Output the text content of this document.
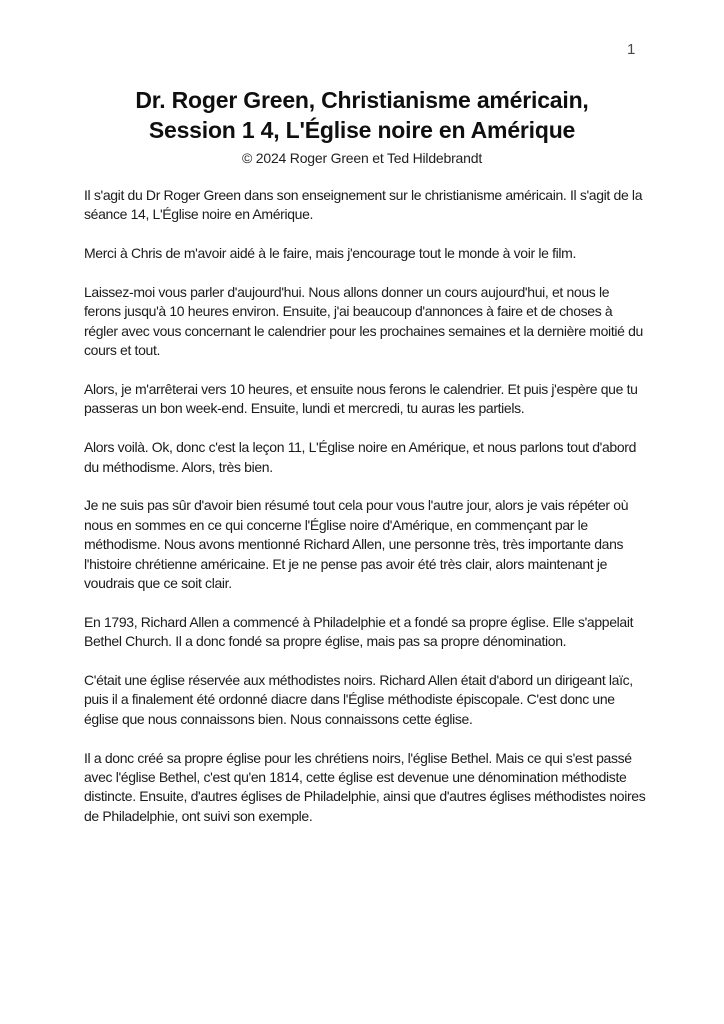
1
Dr. Roger Green, Christianisme américain,
Session 1 4, L'Église noire en Amérique
© 2024 Roger Green et Ted Hildebrandt

Il s'agit du Dr Roger Green dans son enseignement sur le christianisme américain. Il s'agit de la séance 14, L'Église noire en Amérique.

Merci à Chris de m'avoir aidé à le faire, mais j'encourage tout le monde à voir le film.

Laissez-moi vous parler d'aujourd'hui. Nous allons donner un cours aujourd'hui, et nous le ferons jusqu'à 10 heures environ. Ensuite, j'ai beaucoup d'annonces à faire et de choses à régler avec vous concernant le calendrier pour les prochaines semaines et la dernière moitié du cours et tout.

Alors, je m'arrêterai vers 10 heures, et ensuite nous ferons le calendrier. Et puis j'espère que tu passeras un bon week-end. Ensuite, lundi et mercredi, tu auras les partiels.

Alors voilà. Ok, donc c'est la leçon 11, L'Église noire en Amérique, et nous parlons tout d'abord du méthodisme. Alors, très bien.

Je ne suis pas sûr d'avoir bien résumé tout cela pour vous l'autre jour, alors je vais répéter où nous en sommes en ce qui concerne l'Église noire d'Amérique, en commençant par le méthodisme. Nous avons mentionné Richard Allen, une personne très, très importante dans l'histoire chrétienne américaine. Et je ne pense pas avoir été très clair, alors maintenant je voudrais que ce soit clair.

En 1793, Richard Allen a commencé à Philadelphie et a fondé sa propre église. Elle s'appelait Bethel Church. Il a donc fondé sa propre église, mais pas sa propre dénomination.

C'était une église réservée aux méthodistes noirs. Richard Allen était d'abord un dirigeant laïc, puis il a finalement été ordonné diacre dans l'Église méthodiste épiscopale. C'est donc une église que nous connaissons bien. Nous connaissons cette église.

Il a donc créé sa propre église pour les chrétiens noirs, l'église Bethel. Mais ce qui s'est passé avec l'église Bethel, c'est qu'en 1814, cette église est devenue une dénomination méthodiste distincte. Ensuite, d'autres églises de Philadelphie, ainsi que d'autres églises méthodistes noires de Philadelphie, ont suivi son exemple.
